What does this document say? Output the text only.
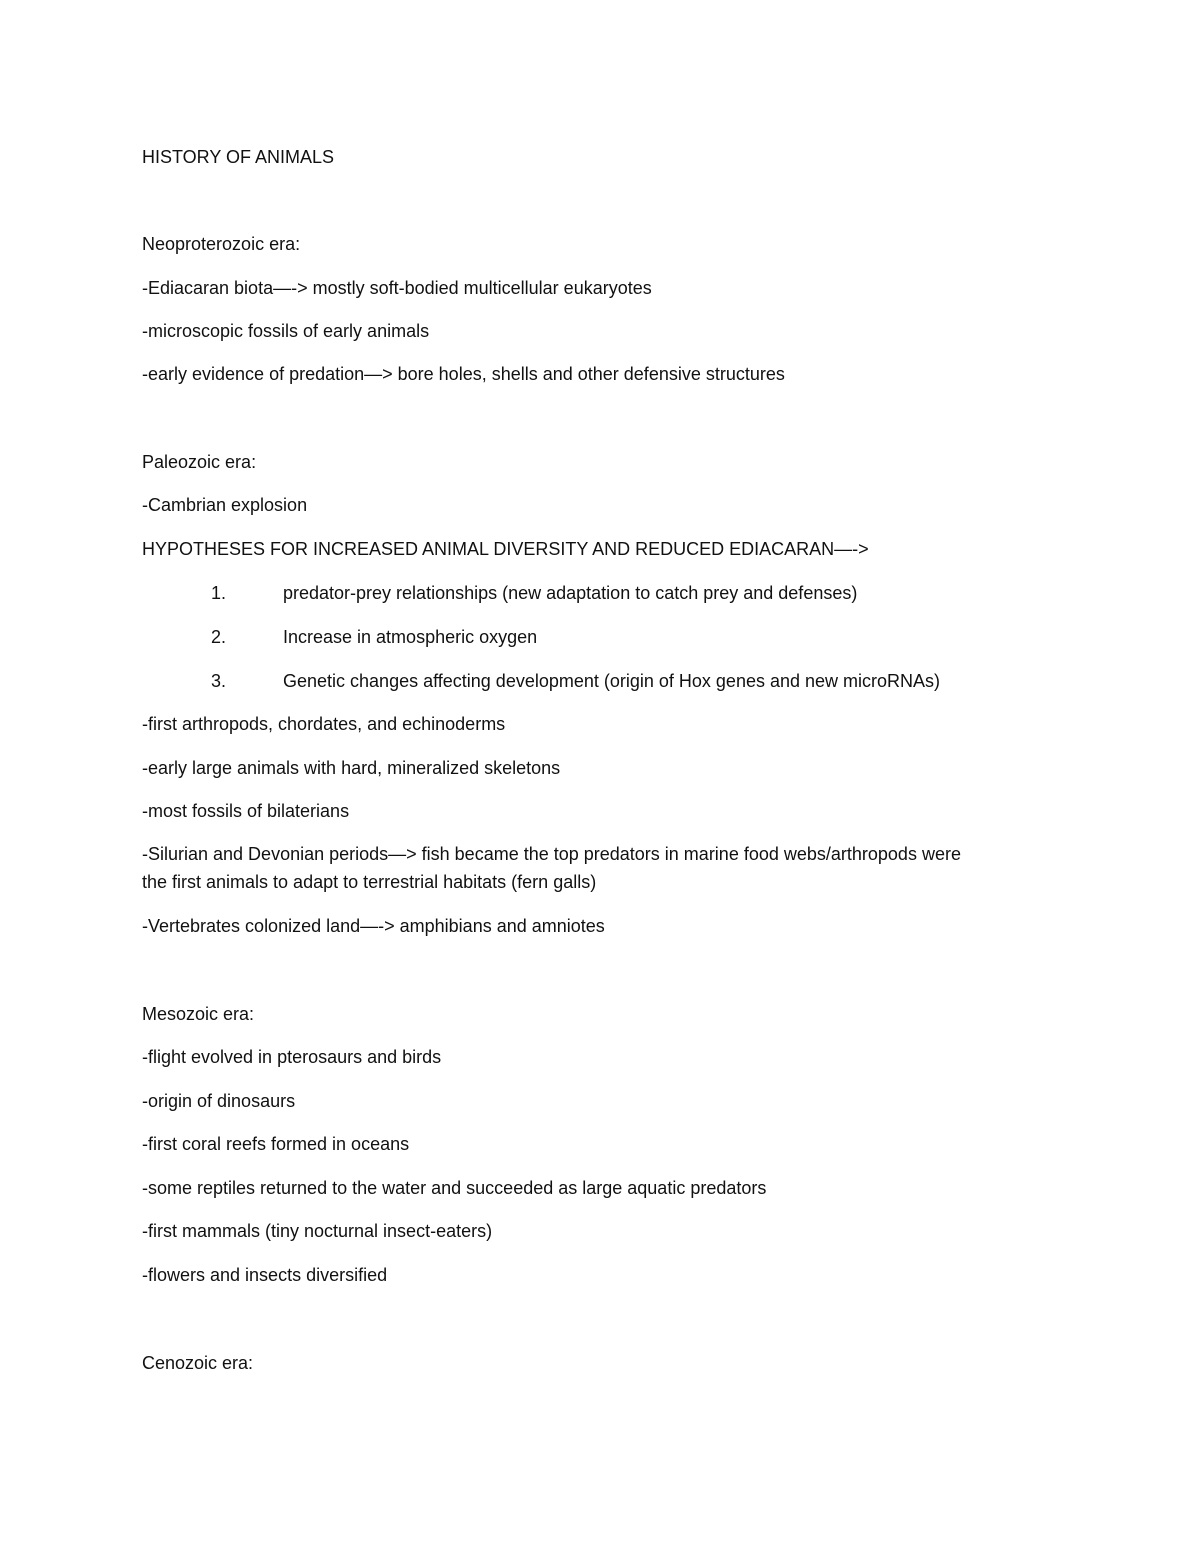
HISTORY OF ANIMALS
Neoproterozoic era:
-Ediacaran biota—-> mostly soft-bodied multicellular eukaryotes
-microscopic fossils of early animals
-early evidence of predation—> bore holes, shells and other defensive structures
Paleozoic era:
-Cambrian explosion
HYPOTHESES FOR INCREASED ANIMAL DIVERSITY AND REDUCED EDIACARAN—->
1.	predator-prey relationships (new adaptation to catch prey and defenses)
2.	Increase in atmospheric oxygen
3.	Genetic changes affecting development (origin of Hox genes and new microRNAs)
-first arthropods, chordates, and echinoderms
-early large animals with hard, mineralized skeletons
-most fossils of bilaterians
-Silurian and Devonian periods—> fish became the top predators in marine food webs/arthropods were
the first animals to adapt to terrestrial habitats (fern galls)
-Vertebrates colonized land—-> amphibians and amniotes
Mesozoic era:
-flight evolved in pterosaurs and birds
-origin of dinosaurs
-first coral reefs formed in oceans
-some reptiles returned to the water and succeeded as large aquatic predators
-first mammals (tiny nocturnal insect-eaters)
-flowers and insects diversified
Cenozoic era:
